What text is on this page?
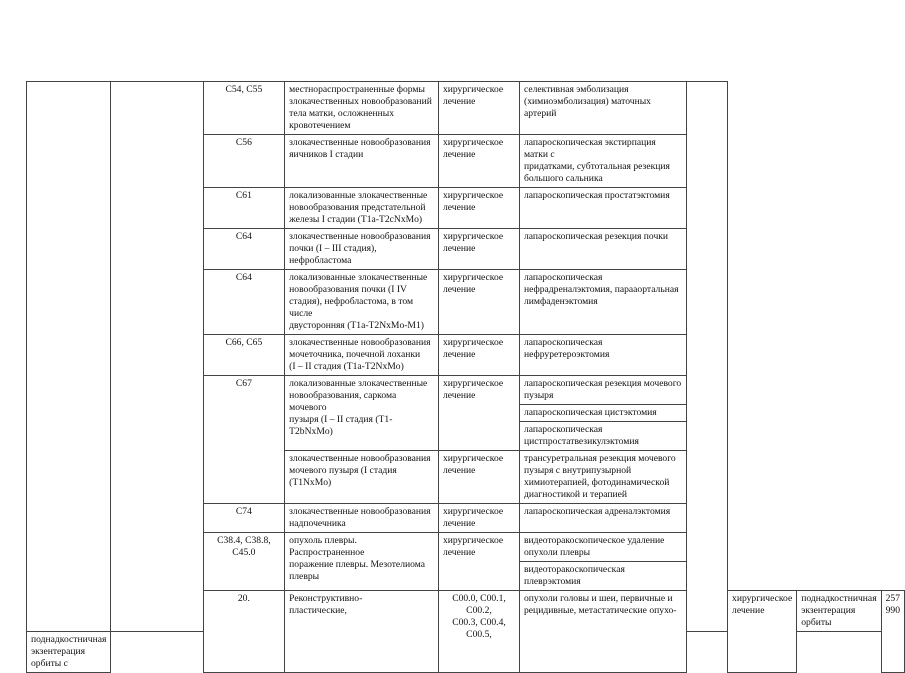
		C54, C55	местнораспространенные формы
злокачественных новообразований
тела матки, осложненных
кровотечением	хирургическое
лечение	селективная эмболизация
(химиоэмболизация) маточных артерий				
		C56	злокачественные новообразования
яичников I стадии	хирургическое
лечение	лапароскопическая экстирпация матки с
придатками, субтотальная резекция
большого сальника				
		C61	локализованные злокачественные
новообразования предстательной
железы I стадии (T1a-T2cNxMo)	хирургическое
лечение	лапароскопическая простатэктомия				
		C64	злокачественные новообразования
почки (I – III стадия),
нефробластома	хирургическое
лечение	лапароскопическая резекция почки				
		C64	локализованные злокачественные
новообразования почки (I IV
стадия), нефробластома, в том числе
двусторонняя (T1a-T2NxMo-M1)	хирургическое
лечение	лапароскопическая
нефрадреналэктомия, парааортальная
лимфаденэктомия				
		C66, C65	злокачественные новообразования
мочеточника, почечной лоханки
(I – II стадия (T1a-T2NxMo)	хирургическое
лечение	лапароскопическая нефруретероэктомия				
		C67	локализованные злокачественные
новообразования, саркома мочевого
пузыря (I – II стадия (T1-T2bNxMo)	хирургическое
лечение	лапароскопическая резекция мочевого
пузыря				
					лапароскопическая цистэктомия				
					лапароскопическая
цистпростатвезикулэктомия				
			злокачественные новообразования
мочевого пузыря (I стадия
(T1NxMo)	хирургическое
лечение	трансуретральная резекция мочевого
пузыря с внутрипузырной
химиотерапией, фотодинамической
диагностикой и терапией				
		C74	злокачественные новообразования
надпочечника	хирургическое
лечение	лапароскопическая адреналэктомия				
		C38.4, C38.8, C45.0	опухоль плевры. Распространенное
поражение плевры. Мезотелиома
плевры	хирургическое
лечение	видеоторакоскопическое удаление
опухоли плевры				
					видеоторакоскопическая плеврэктомия				
		20.	Реконструктивно-
пластические,	C00.0, C00.1, C00.2,
C00.3, C00.4, C00.5,	опухоли головы и шеи, первичные и
рецидивные, метастатические опухо-		хирургическое
лечение	поднадкостничная экзентерация орбиты	257 990
поднадкостничная экзентерация орбиты с									
